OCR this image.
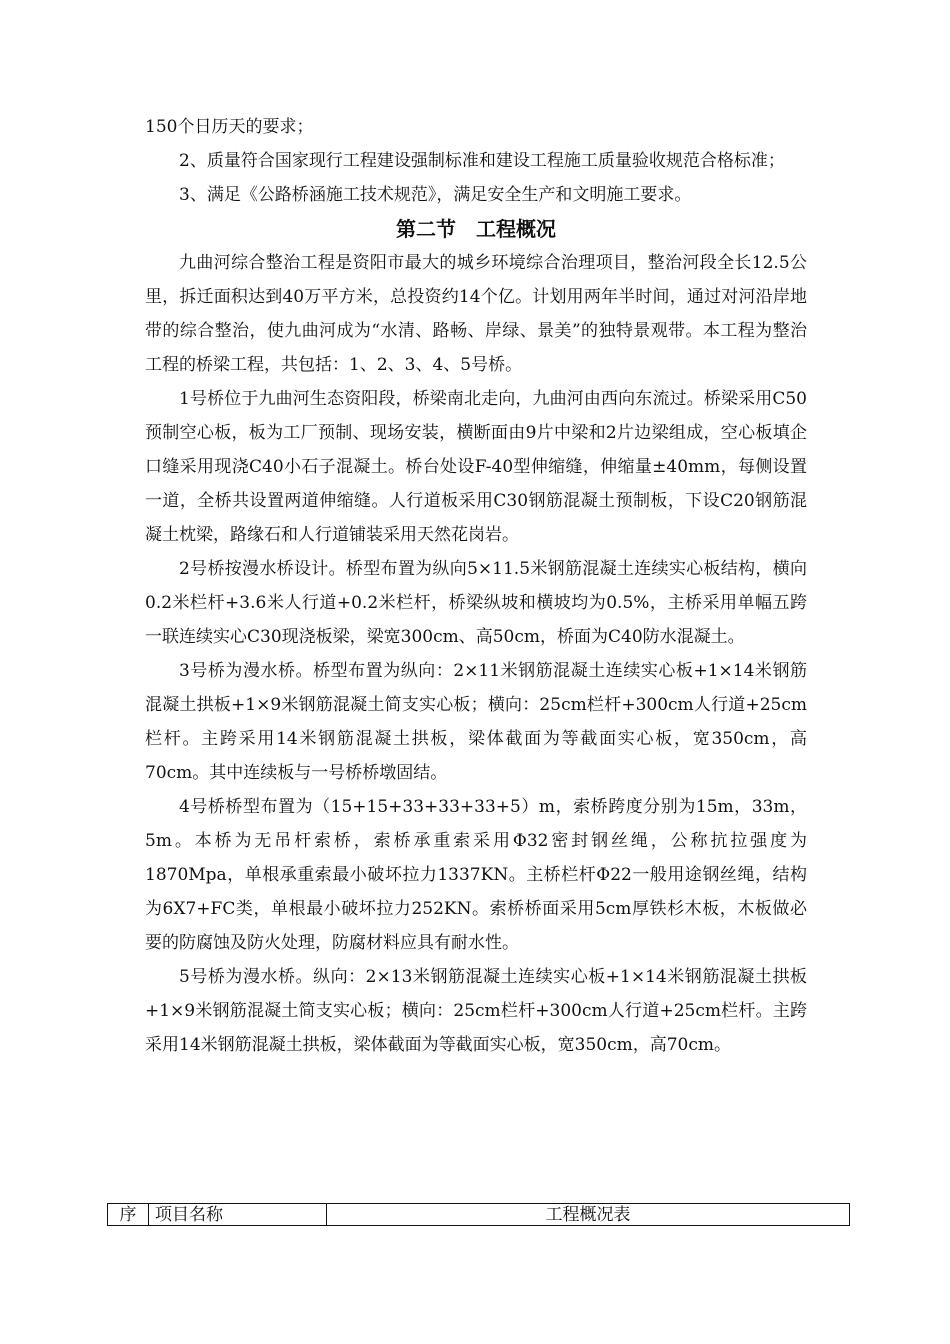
150个日历天的要求；

2、质量符合国家现行工程建设强制标准和建设工程施工质量验收规范合格标准；

3、满足《公路桥涵施工技术规范》，满足安全生产和文明施工要求。

第二节　工程概况

九曲河综合整治工程是资阳市最大的城乡环境综合治理项目，整治河段全长12.5公里，拆迁面积达到40万平方米，总投资约14个亿。计划用两年半时间，通过对河沿岸地带的综合整治，使九曲河成为“水清、路畅、岸绿、景美”的独特景观带。本工程为整治工程的桥梁工程，共包括：1、2、3、4、5号桥。

1号桥位于九曲河生态资阳段，桥梁南北走向，九曲河由西向东流过。桥梁采用C50预制空心板，板为工厂预制、现场安装，横断面由9片中梁和2片边梁组成，空心板填企口缝采用现浇C40小石子混凝土。桥台处设F-40型伸缩缝，伸缩量±40mm，每侧设置一道，全桥共设置两道伸缩缝。人行道板采用C30钢筋混凝土预制板，下设C20钢筋混凝土枕梁，路缘石和人行道铺装采用天然花岗岩。

2号桥按漫水桥设计。桥型布置为纵向5×11.5米钢筋混凝土连续实心板结构，横向0.2米栏杆+3.6米人行道+0.2米栏杆，桥梁纵坡和横坡均为0.5%，主桥采用单幅五跨一联连续实心C30现浇板梁，梁宽300cm、高50cm，桥面为C40防水混凝土。

3号桥为漫水桥。桥型布置为纵向：2×11米钢筋混凝土连续实心板+1×14米钢筋混凝土拱板+1×9米钢筋混凝土简支实心板；横向：25cm栏杆+300cm人行道+25cm栏杆。主跨采用14米钢筋混凝土拱板，梁体截面为等截面实心板，宽350cm，高70cm。其中连续板与一号桥桥墩固结。

4号桥桥型布置为（15+15+33+33+33+5）m，索桥跨度分别为15m，33m，5m。本桥为无吊杆索桥，索桥承重索采用Φ32密封钢丝绳，公称抗拉强度为1870Mpa，单根承重索最小破坏拉力1337KN。主桥栏杆Φ22一般用途钢丝绳，结构为6X7+FC类，单根最小破坏拉力252KN。索桥桥面采用5cm厚铁杉木板，木板做必要的防腐蚀及防火处理，防腐材料应具有耐水性。

5号桥为漫水桥。纵向：2×13米钢筋混凝土连续实心板+1×14米钢筋混凝土拱板+1×9米钢筋混凝土简支实心板；横向：25cm栏杆+300cm人行道+25cm栏杆。主跨采用14米钢筋混凝土拱板，梁体截面为等截面实心板，宽350cm，高70cm。

序	项目名称	工程概况表
